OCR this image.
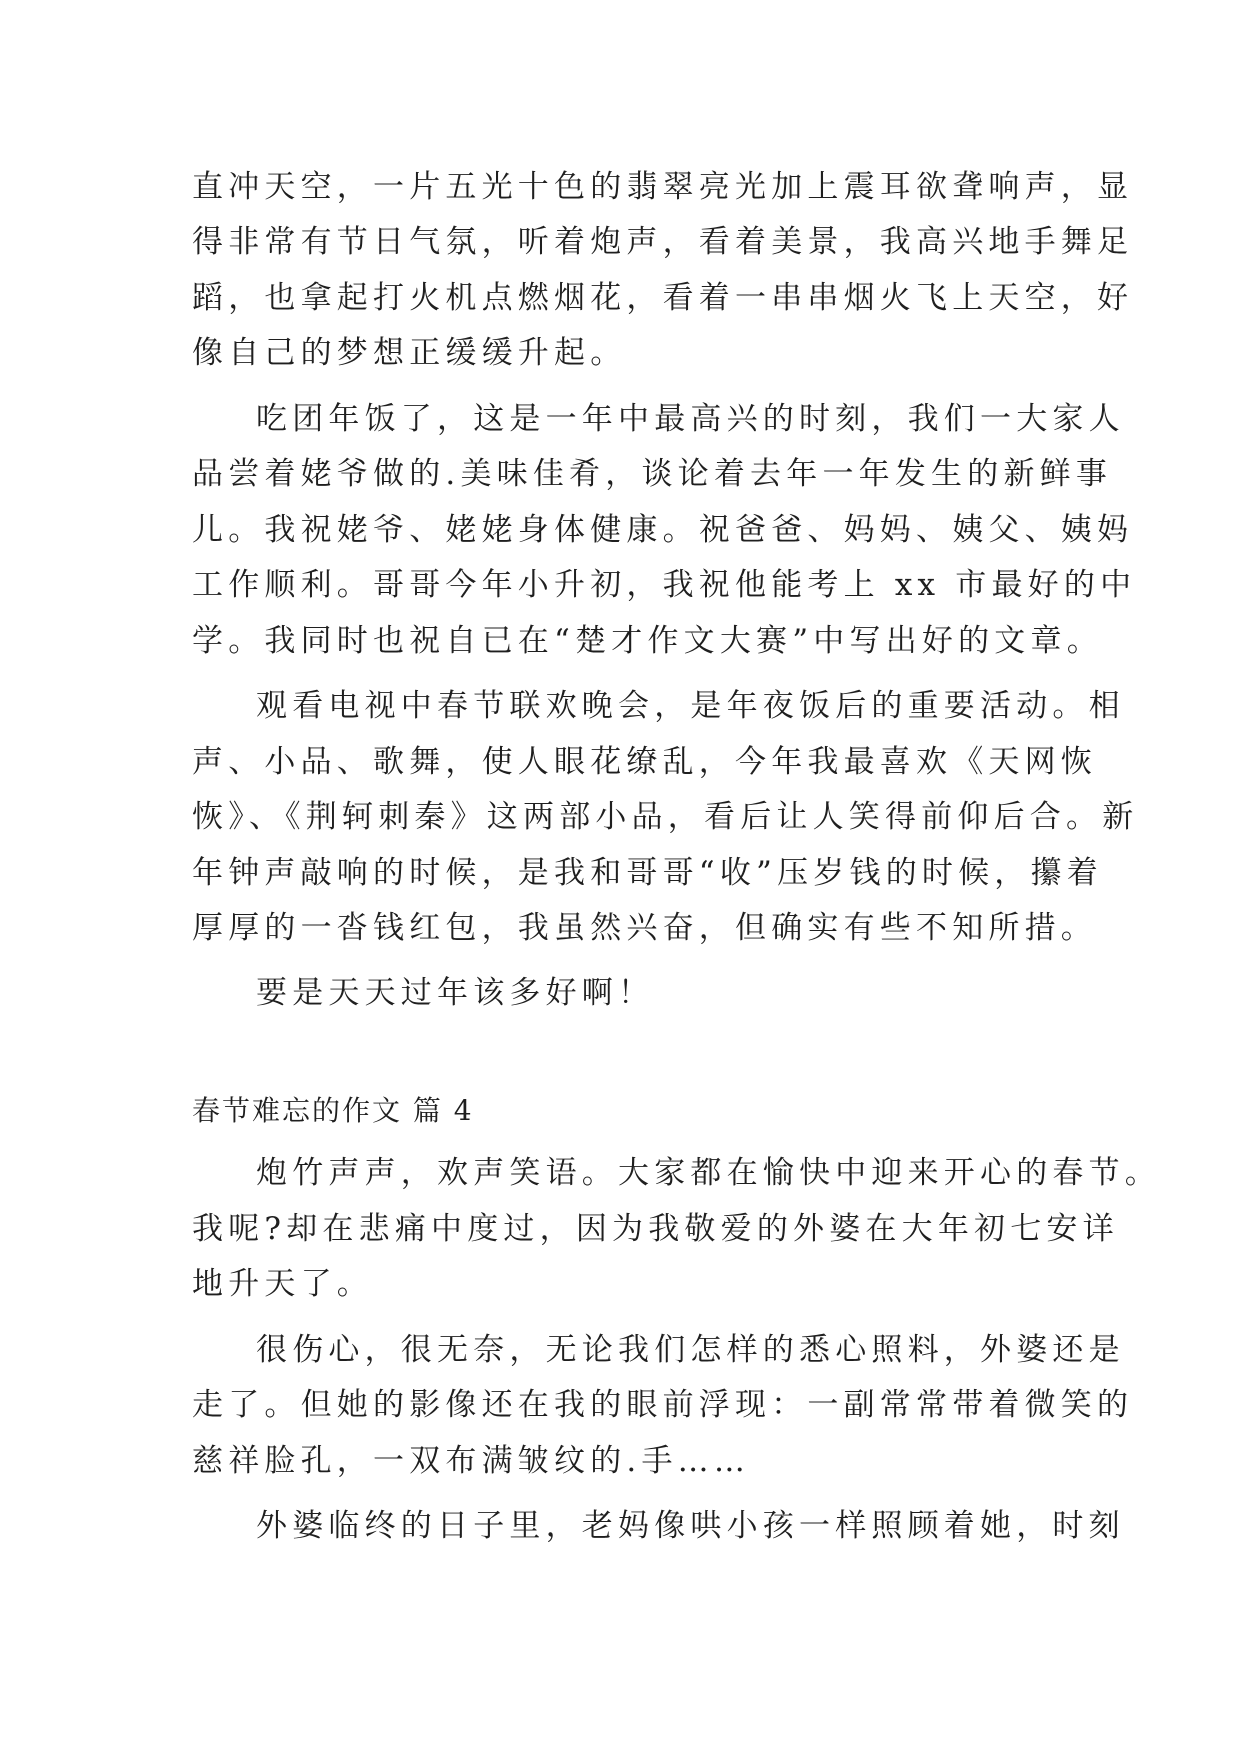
直冲天空，一片五光十色的翡翠亮光加上震耳欲聋响声，显
得非常有节日气氛，听着炮声，看着美景，我高兴地手舞足
蹈，也拿起打火机点燃烟花，看着一串串烟火飞上天空，好
像自己的梦想正缓缓升起。
吃团年饭了，这是一年中最高兴的时刻，我们一大家人
品尝着姥爷做的.美味佳肴，谈论着去年一年发生的新鲜事
儿。我祝姥爷、姥姥身体健康。祝爸爸、妈妈、姨父、姨妈
工作顺利。哥哥今年小升初，我祝他能考上 xx 市最好的中
学。我同时也祝自已在“楚才作文大赛”中写出好的文章。
观看电视中春节联欢晚会，是年夜饭后的重要活动。相
声、小品、歌舞，使人眼花缭乱，今年我最喜欢《天网恢
恢》、《荆轲刺秦》这两部小品，看后让人笑得前仰后合。新
年钟声敲响的时候，是我和哥哥“收”压岁钱的时候，攥着
厚厚的一沓钱红包，我虽然兴奋，但确实有些不知所措。
要是天天过年该多好啊！
春节难忘的作文 篇 4
炮竹声声，欢声笑语。大家都在愉快中迎来开心的春节。
我呢?却在悲痛中度过，因为我敬爱的外婆在大年初七安详
地升天了。
很伤心，很无奈，无论我们怎样的悉心照料，外婆还是
走了。但她的影像还在我的眼前浮现：一副常常带着微笑的
慈祥脸孔，一双布满皱纹的.手……
外婆临终的日子里，老妈像哄小孩一样照顾着她，时刻
